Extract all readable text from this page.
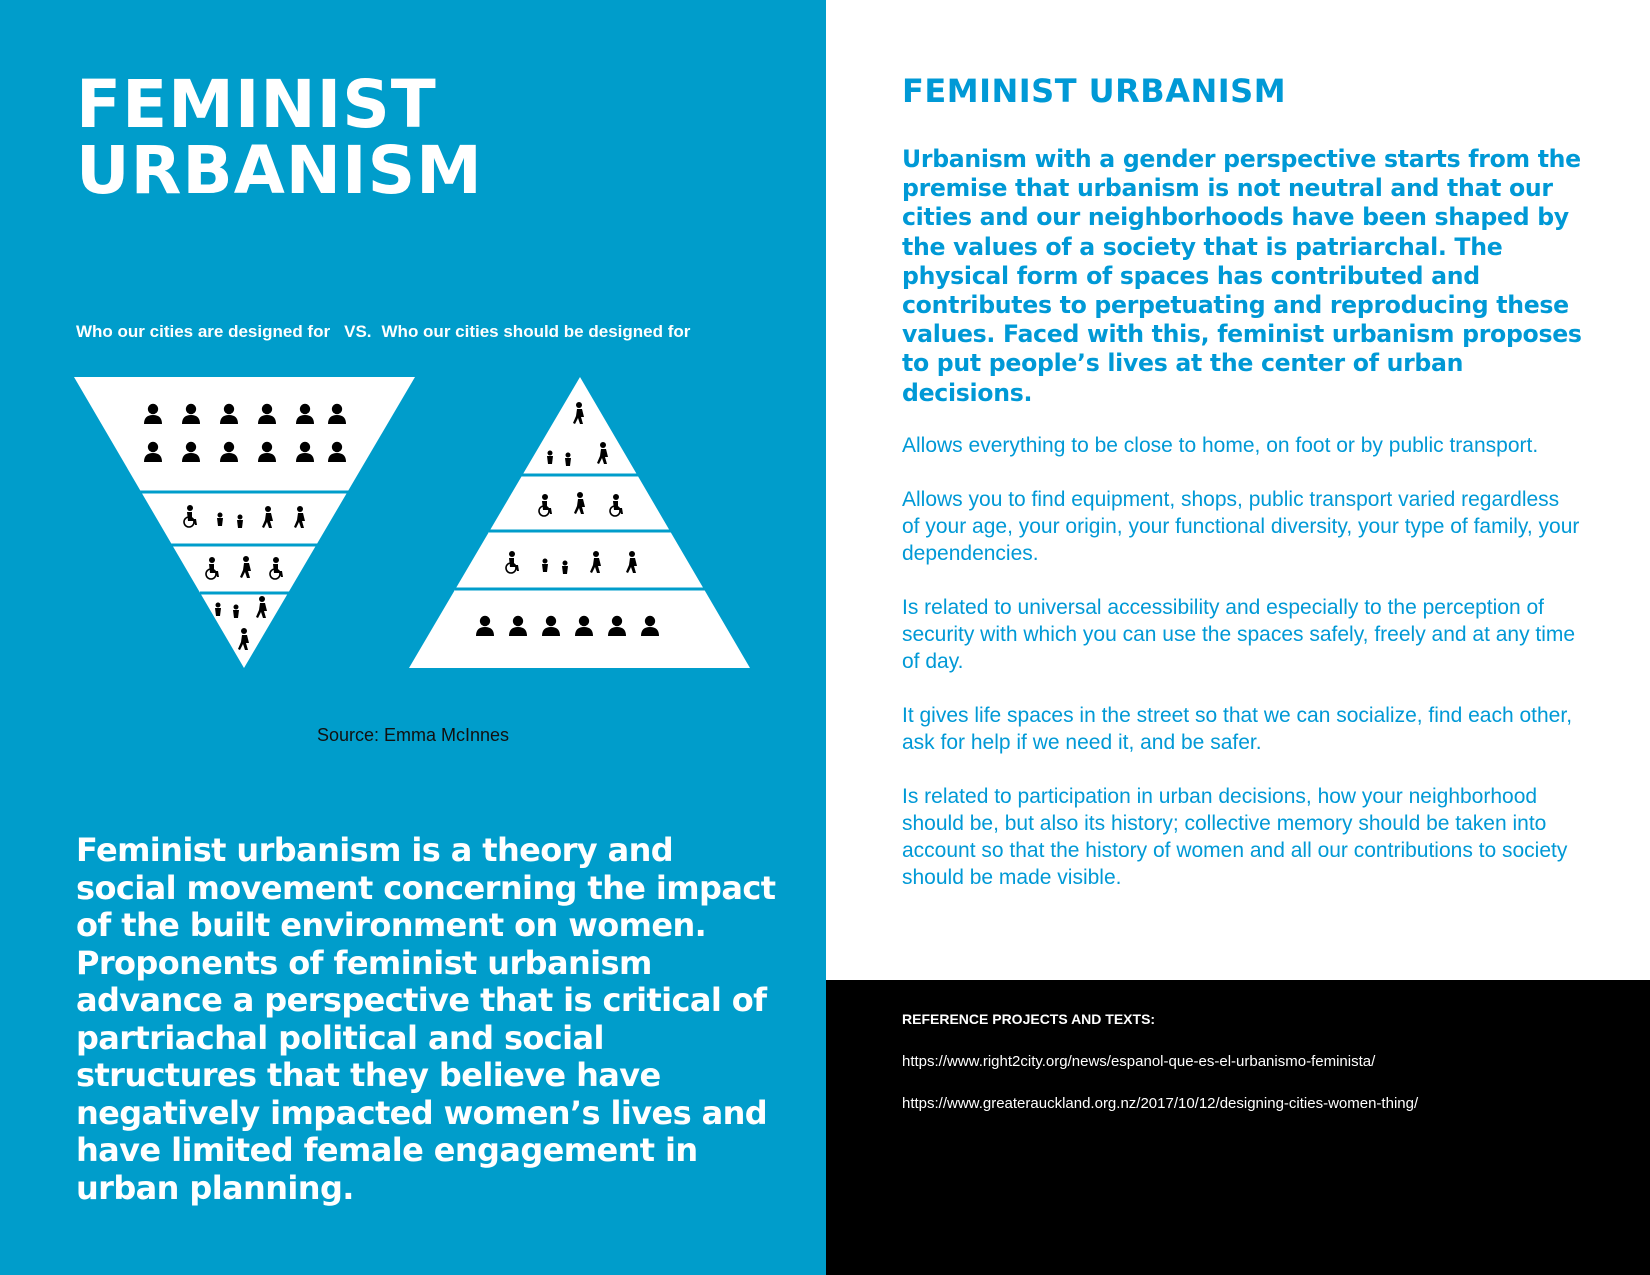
FEMINIST
URBANISM
Who our cities are designed for VS. Who our cities should be designed for
Source: Emma McInnes

Feminist urbanism is a theory and social movement concerning the impact of the built environment on women. Proponents of feminist urbanism advance a perspective that is critical of partriachal political and social structures that they believe have negatively impacted women’s lives and have limited female engagement in urban planning.

FEMINIST URBANISM

Urbanism with a gender perspective starts from the premise that urbanism is not neutral and that our cities and our neighborhoods have been shaped by the values of a society that is patriarchal. The physical form of spaces has contributed and contributes to perpetuating and reproducing these values. Faced with this, feminist urbanism proposes to put people’s lives at the center of urban decisions.

Allows everything to be close to home, on foot or by public transport.
Allows you to find equipment, shops, public transport varied regardless of your age, your origin, your functional diversity, your type of family, your dependencies.
Is related to universal accessibility and especially to the perception of security with which you can use the spaces safely, freely and at any time of day.
It gives life spaces in the street so that we can socialize, find each other, ask for help if we need it, and be safer.
Is related to participation in urban decisions, how your neighborhood should be, but also its history; collective memory should be taken into account so that the history of women and all our contributions to society should be made visible.
REFERENCE PROJECTS AND TEXTS:
https://www.right2city.org/news/espanol-que-es-el-urbanismo-feminista/
https://www.greaterauckland.org.nz/2017/10/12/designing-cities-women-thing/
